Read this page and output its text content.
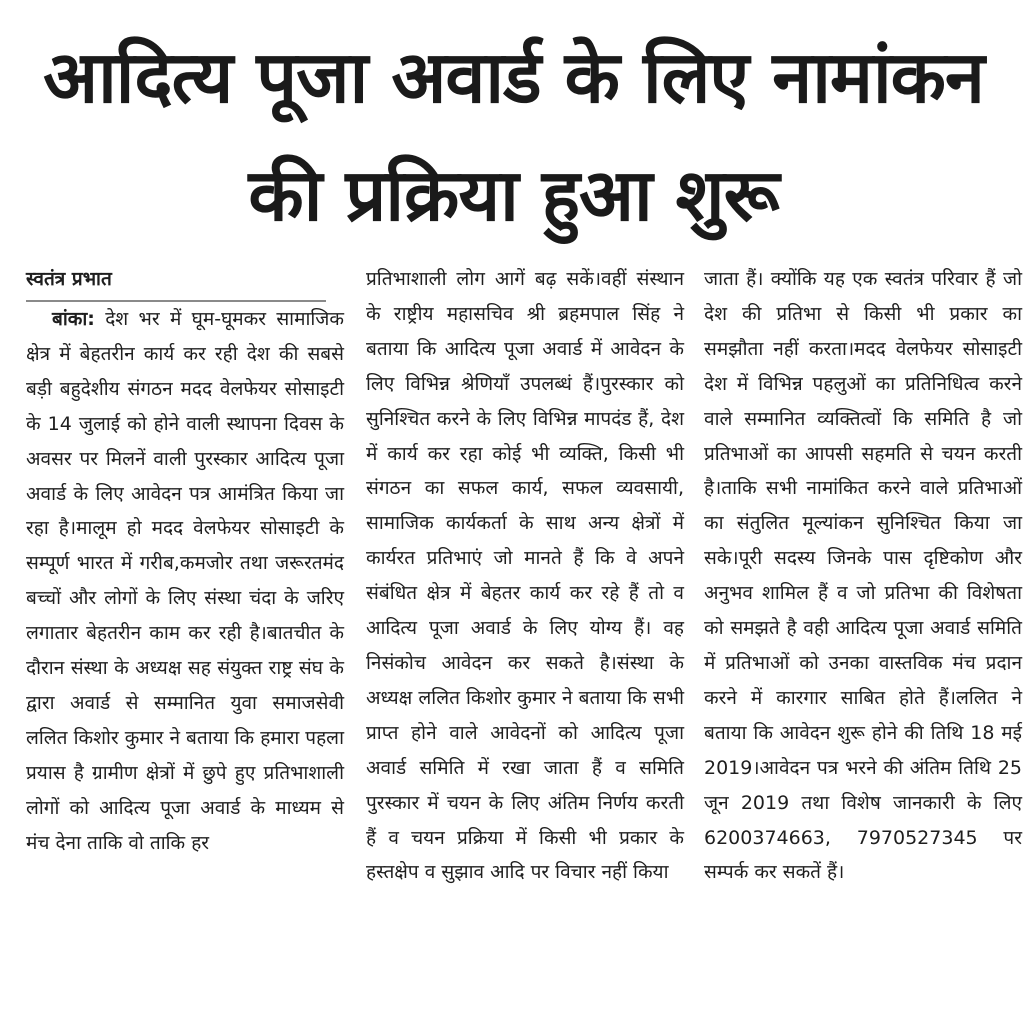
आदित्य पूजा अवार्ड के लिए नामांकन
की प्रक्रिया हुआ शुरू
स्वतंत्र प्रभात

बांका: देश भर में घूम-घूमकर सामाजिक क्षेत्र में बेहतरीन कार्य कर रही देश की सबसे बड़ी बहुदेशीय संगठन मदद वेलफेयर सोसाइटी के 14 जुलाई को होने वाली स्थापना दिवस के अवसर पर मिलनें वाली पुरस्कार आदित्य पूजा अवार्ड के लिए आवेदन पत्र आमंत्रित किया जा रहा है।मालूम हो मदद वेलफेयर सोसाइटी के सम्पूर्ण भारत में गरीब,कमजोर तथा जरूरतमंद बच्चों और लोगों के लिए संस्था चंदा के जरिए लगातार बेहतरीन काम कर रही है।बातचीत के दौरान संस्था के अध्यक्ष सह संयुक्त राष्ट्र संघ के द्वारा अवार्ड से सम्मानित युवा समाजसेवी ललित किशोर कुमार ने बताया कि हमारा पहला प्रयास है ग्रामीण क्षेत्रों में छुपे हुए प्रतिभाशाली लोगों को आदित्य पूजा अवार्ड के माध्यम से मंच देना ताकि वो ताकि हर

प्रतिभाशाली लोग आगें बढ़ सकें।वहीं संस्थान के राष्ट्रीय महासचिव श्री ब्रहमपाल सिंह ने बताया कि आदित्य पूजा अवार्ड में आवेदन के लिए विभिन्न श्रेणियाँ उपलब्धं हैं।पुरस्कार को सुनिश्चित करने के लिए विभिन्न मापदंड हैं, देश में कार्य कर रहा कोई भी व्यक्ति, किसी भी संगठन का सफल कार्य, सफल व्यवसायी, सामाजिक कार्यकर्ता के साथ अन्य क्षेत्रों में कार्यरत प्रतिभाएं जो मानते हैं कि वे अपने संबंधित क्षेत्र में बेहतर कार्य कर रहे हैं तो व आदित्य पूजा अवार्ड के लिए योग्य हैं। वह निसंकोच आवेदन कर सकते है।संस्था के अध्यक्ष ललित किशोर कुमार ने बताया कि सभी प्राप्त होने वाले आवेदनों को आदित्य पूजा अवार्ड समिति में रखा जाता हैं व समिति पुरस्कार में चयन के लिए अंतिम निर्णय करती हैं व चयन प्रक्रिया में किसी भी प्रकार के हस्तक्षेप व सुझाव आदि पर विचार नहीं किया

जाता हैं। क्योंकि यह एक स्वतंत्र परिवार हैं जो देश की प्रतिभा से किसी भी प्रकार का समझौता नहीं करता।मदद वेलफेयर सोसाइटी देश में विभिन्न पहलुओं का प्रतिनिधित्व करने वाले सम्मानित व्यक्तित्वों कि समिति है जो प्रतिभाओं का आपसी सहमति से चयन करती है।ताकि सभी नामांकित करने वाले प्रतिभाओं का संतुलित मूल्यांकन सुनिश्चित किया जा सके।पूरी सदस्य जिनके पास दृष्टिकोण और अनुभव शामिल हैं व जो प्रतिभा की विशेषता को समझते है वही आदित्य पूजा अवार्ड समिति में प्रतिभाओं को उनका वास्तविक मंच प्रदान करने में कारगार साबित होते हैं।ललित ने बताया कि आवेदन शुरू होने की तिथि 18 मई 2019।आवेदन पत्र भरने की अंतिम तिथि 25 जून 2019 तथा विशेष जानकारी के लिए 6200374663, 7970527345 पर सम्पर्क कर सकतें हैं।
